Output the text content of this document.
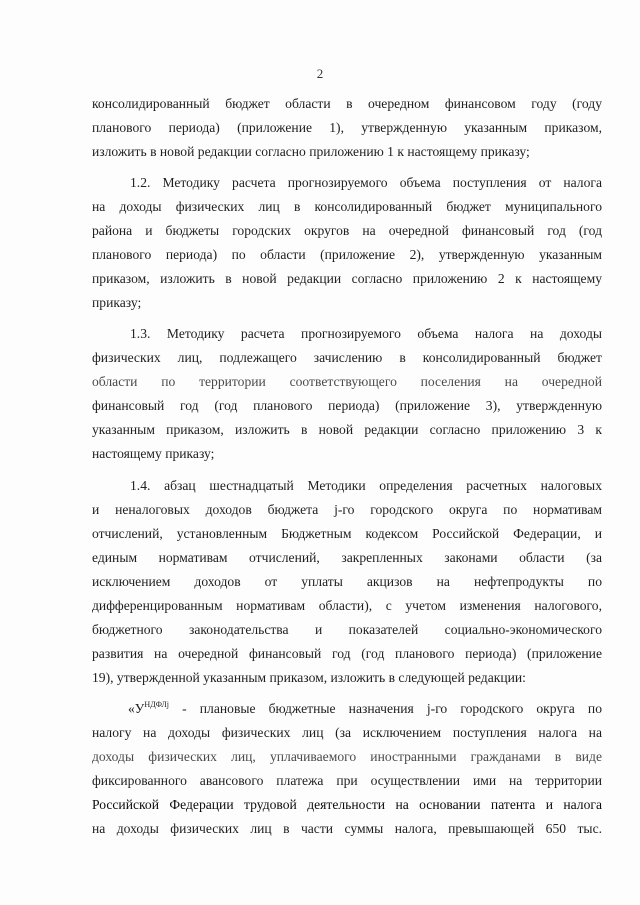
2
консолидированный бюджет области в очередном финансовом году (году
планового периода) (приложение 1), утвержденную указанным приказом,
изложить в новой редакции согласно приложению 1 к настоящему приказу;
1.2. Методику расчета прогнозируемого объема поступления от налога
на доходы физических лиц в консолидированный бюджет муниципального
района и бюджеты городских округов на очередной финансовый год (год
планового периода) по области (приложение 2), утвержденную указанным
приказом, изложить в новой редакции согласно приложению 2 к настоящему
приказу;
1.3. Методику расчета прогнозируемого объема налога на доходы
физических лиц, подлежащего зачислению в консолидированный бюджет
области по территории соответствующего поселения на очередной
финансовый год (год планового периода) (приложение 3), утвержденную
указанным приказом, изложить в новой редакции согласно приложению 3 к
настоящему приказу;
1.4. абзац шестнадцатый Методики определения расчетных налоговых
и неналоговых доходов бюджета j-го городского округа по нормативам
отчислений, установленным Бюджетным кодексом Российской Федерации, и
единым нормативам отчислений, закрепленных законами области (за
исключением доходов от уплаты акцизов на нефтепродукты по
дифференцированным нормативам области), с учетом изменения налогового,
бюджетного законодательства и показателей социально-экономического
развития на очередной финансовый год (год планового периода) (приложение
19), утвержденной указанным приказом, изложить в следующей редакции:
«$У^{НДФЛj}$ - плановые бюджетные назначения j-го городского округа по
налогу на доходы физических лиц (за исключением поступления налога на
доходы физических лиц, уплачиваемого иностранными гражданами в виде
фиксированного авансового платежа при осуществлении ими на территории
Российской Федерации трудовой деятельности на основании патента и налога
на доходы физических лиц в части суммы налога, превышающей 650 тыс.
